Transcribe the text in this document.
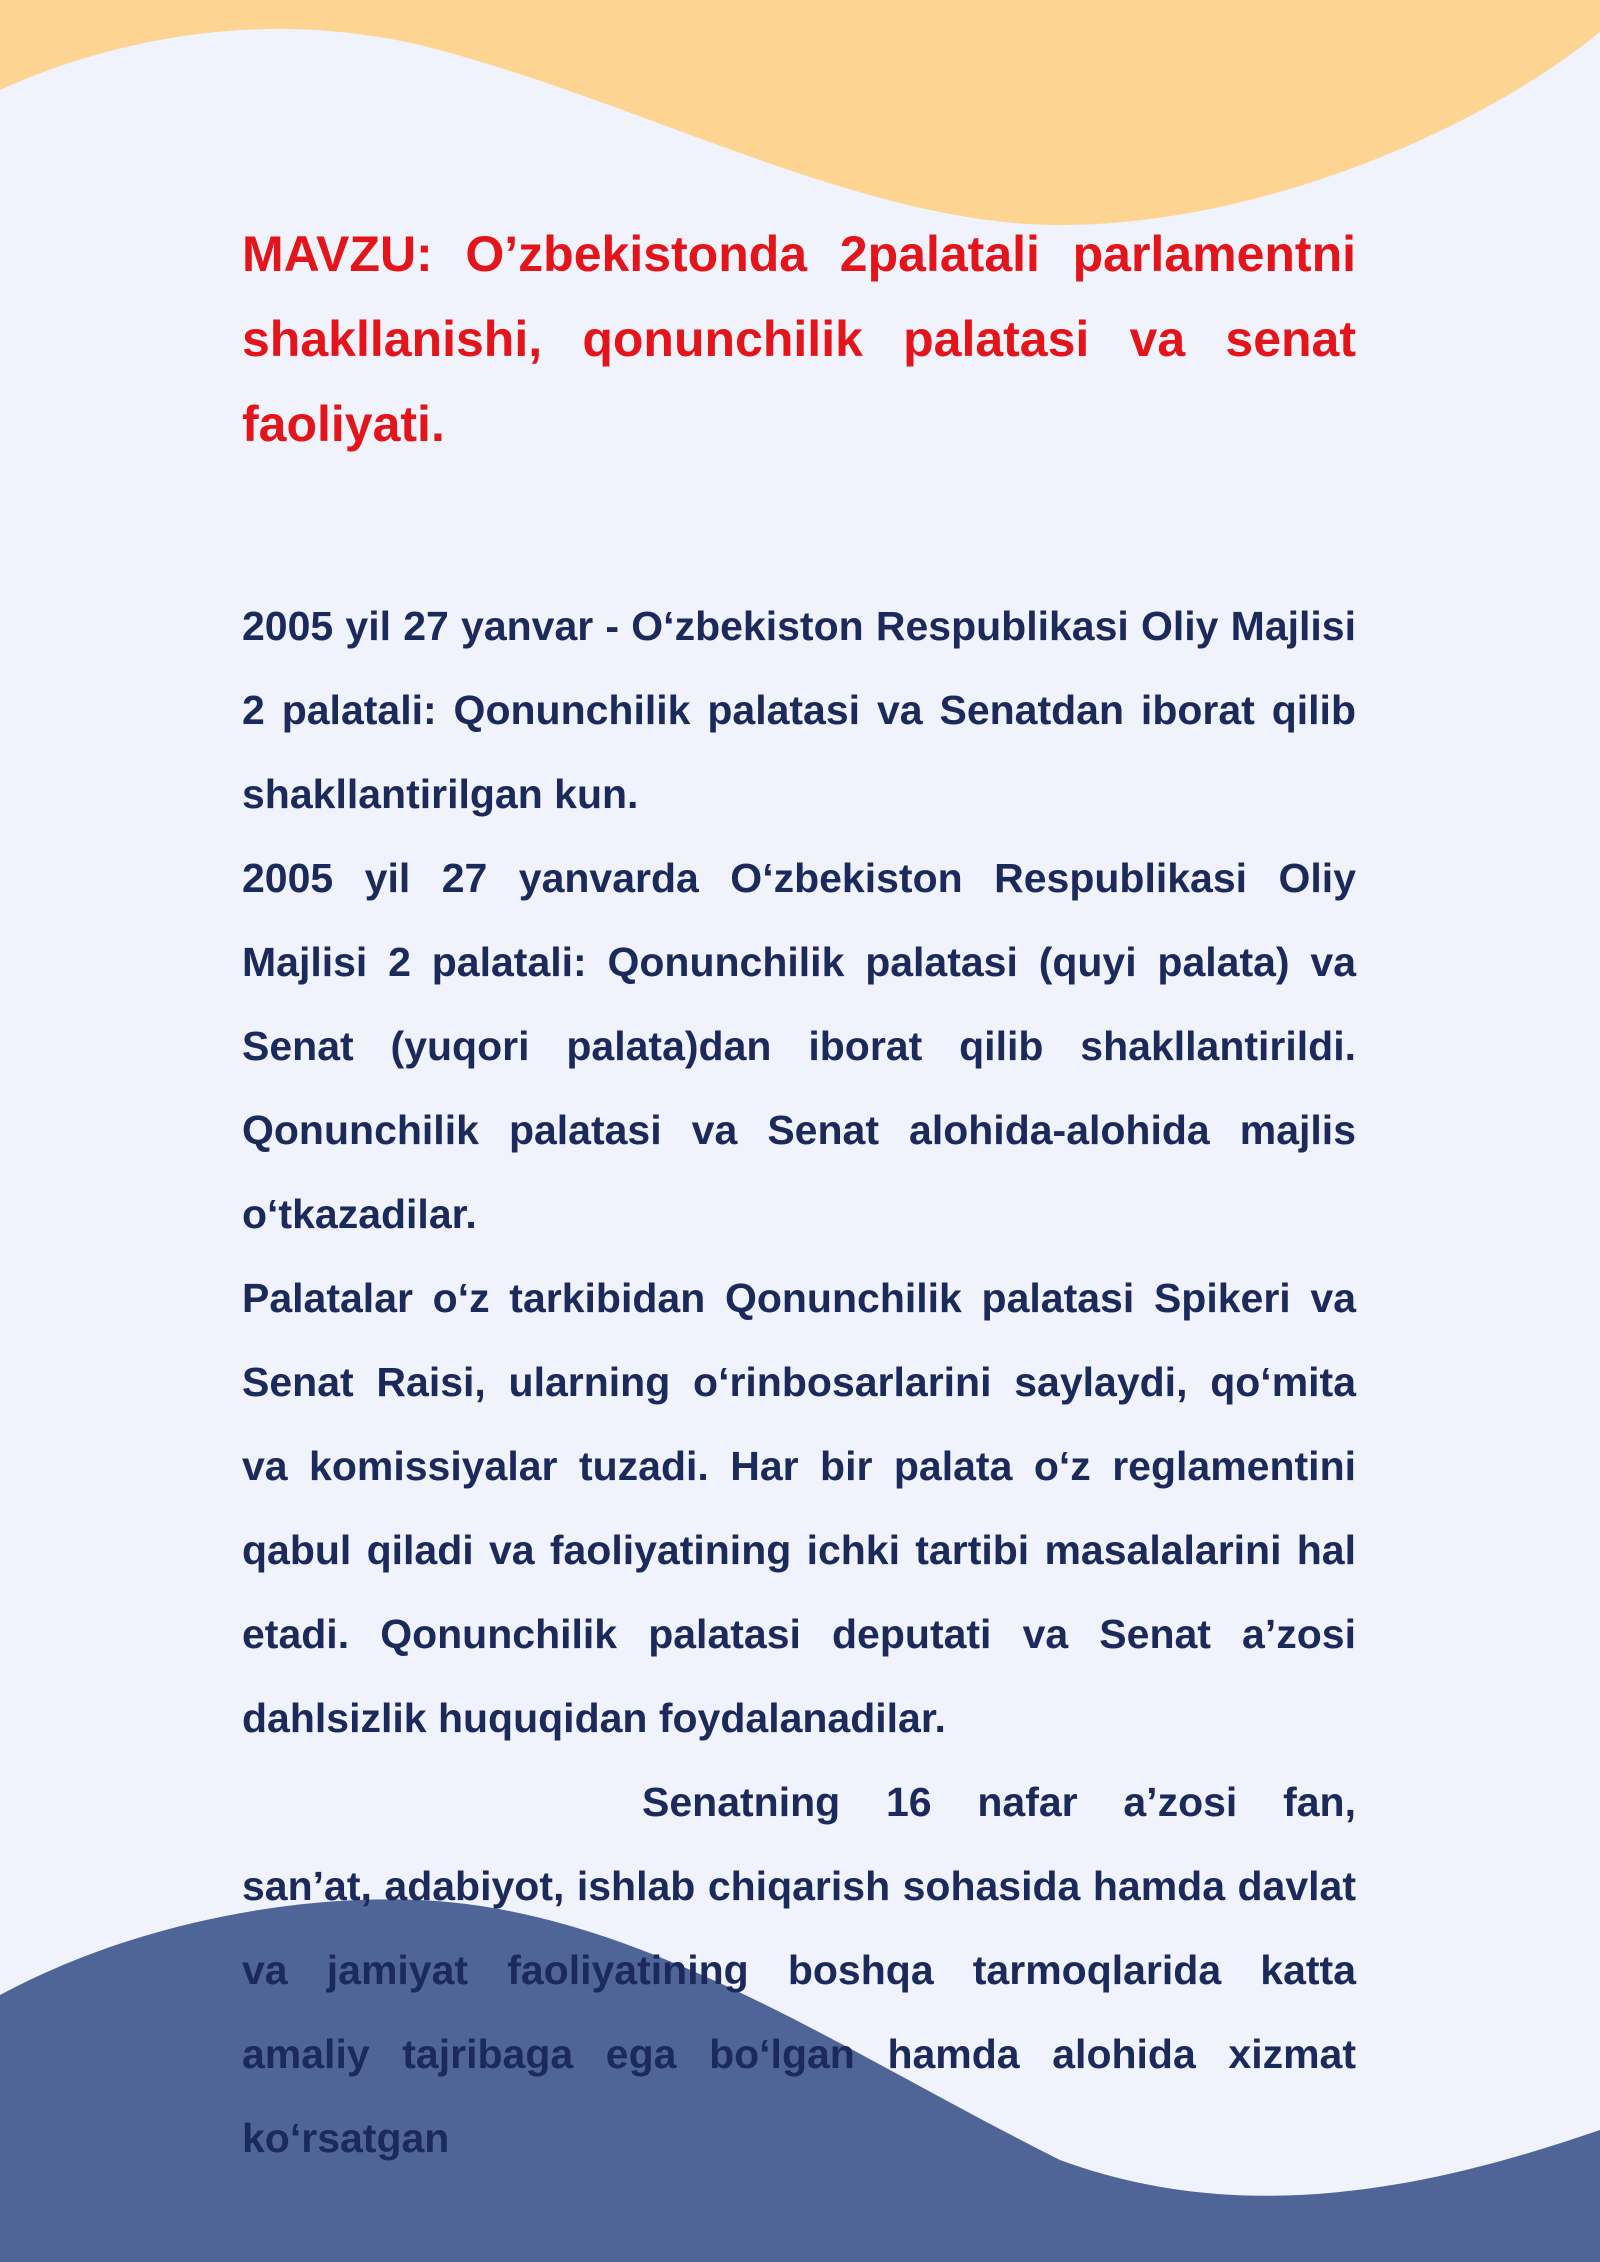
MAVZU: O’zbekistonda 2palatali parlamentni shakllanishi, qonunchilik palatasi va senat faoliyati.

2005 yil 27 yanvar - O‘zbekiston Respublikasi Oliy Majlisi 2 palatali: Qonunchilik palatasi va Senatdan iborat qilib shakllantirilgan kun.

2005 yil 27 yanvarda O‘zbekiston Respublikasi Oliy Majlisi 2 palatali: Qonunchilik palatasi (quyi palata) va Senat (yuqori palata)dan iborat qilib shakllantirildi. Qonunchilik palatasi va Senat alohida-alohida majlis o‘tkazadilar.

Palatalar o‘z tarkibidan Qonunchilik palatasi Spikeri va Senat Raisi, ularning o‘rinbosarlarini saylaydi, qo‘mita va komissiyalar tuzadi. Har bir palata o‘z reglamentini qabul qiladi va faoliyatining ichki tartibi masalalarini hal etadi. Qonunchilik palatasi deputati va Senat a’zosi dahlsizlik huquqidan foydalanadilar.

Senatning 16 nafar a’zosi fan, san’at, adabiyot, ishlab chiqarish sohasida hamda davlat va jamiyat faoliyatining boshqa tarmoqlarida katta amaliy tajribaga ega bo‘lgan hamda alohida xizmat ko‘rsatgan
